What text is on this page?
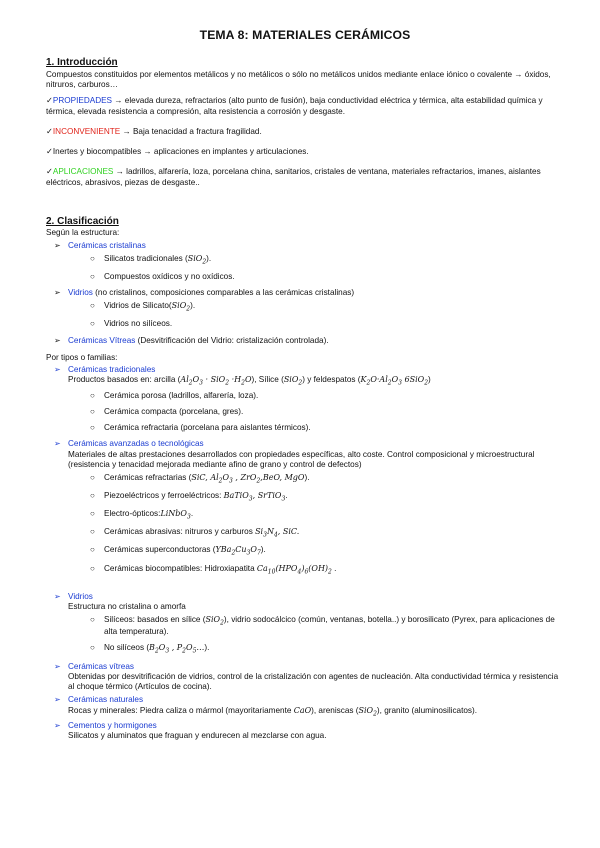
TEMA 8: MATERIALES CERÁMICOS
1. Introducción

Compuestos constituidos por elementos metálicos y no metálicos o sólo no metálicos unidos mediante enlace iónico o covalente → óxidos, nitruros, carburos…

✓PROPIEDADES → elevada dureza, refractarios (alto punto de fusión), baja conductividad eléctrica y térmica, alta estabilidad química y térmica, elevada resistencia a compresión, alta resistencia a corrosión y desgaste.

✓INCONVENIENTE → Baja tenacidad a fractura fragilidad.

✓Inertes y biocompatibles → aplicaciones en implantes y articulaciones.

✓APLICACIONES → ladrillos, alfarería, loza, porcelana china, sanitarios, cristales de ventana, materiales refractarios, imanes, aislantes eléctricos, abrasivos, piezas de desgaste..

2. Clasificación

Según la estructura:

➢ Cerámicas cristalinas
○ Silicatos tradicionales (SiO$_2$).
○ Compuestos oxídicos y no oxídicos.
➢ Vidrios (no cristalinos, composiciones comparables a las cerámicas cristalinas)
○ Vidrios de Silicato(SiO$_2$).
○ Vidrios no silíceos.
➢ Cerámicas Vítreas (Desvitrificación del Vidrio: cristalización controlada).

Por tipos o familias:

➢ Cerámicas tradicionales
Productos basados en: arcilla $(Al_2O_3 \cdot SiO_2 \cdot H_2O)$, Sílice (SiO$_2$) y feldespatos ($K_2O\cdot Al_2O_3$ 6SiO$_2$)
○ Cerámica porosa (ladrillos, alfarería, loza).
○ Cerámica compacta (porcelana, gres).
○ Cerámica refractaria (porcelana para aislantes térmicos).
➢ Cerámicas avanzadas o tecnológicas
Materiales de altas prestaciones desarrollados con propiedades específicas, alto coste. Control composicional y microestructural (resistencia y tenacidad mejorada mediante afino de grano y control de defectos)
○ Cerámicas refractarias (SiC, $Al_2O_3$ , ZrO$_2$,BeO, MgO).
○ Piezoeléctricos y ferroeléctricos: BaTiO$_3$, SrTiO$_3$.
○ Electro-ópticos:LiNbO$_3$.
○ Cerámicas abrasivas: nitruros y carburos $Si_3N_4$, SiC.
○ Cerámicas superconductoras $(YBa_2Cu_3O_7)$.
○ Cerámicas biocompatibles: Hidroxiapatita $Ca_{10}(HPO_4)_6(OH)_2$ .
➢ Vidrios
Estructura no cristalina o amorfa
○ Silíceos: basados en sílice (SiO$_2$), vidrio sodocálcico (común, ventanas, botella..) y borosilicato (Pyrex, para aplicaciones de alta temperatura).
○ No silíceos ($B_2O_3$ , $P_2O_5\dots$).
➢ Cerámicas vítreas
Obtenidas por desvitrificación de vidrios, control de la cristalización con agentes de nucleación. Alta conductividad térmica y resistencia al choque térmico (Artículos de cocina).
➢ Cerámicas naturales
Rocas y minerales: Piedra caliza o mármol (mayoritariamente CaO), areniscas (SiO$_2$), granito (aluminosilicatos).
➢ Cementos y hormigones
Silicatos y aluminatos que fraguan y endurecen al mezclarse con agua.
